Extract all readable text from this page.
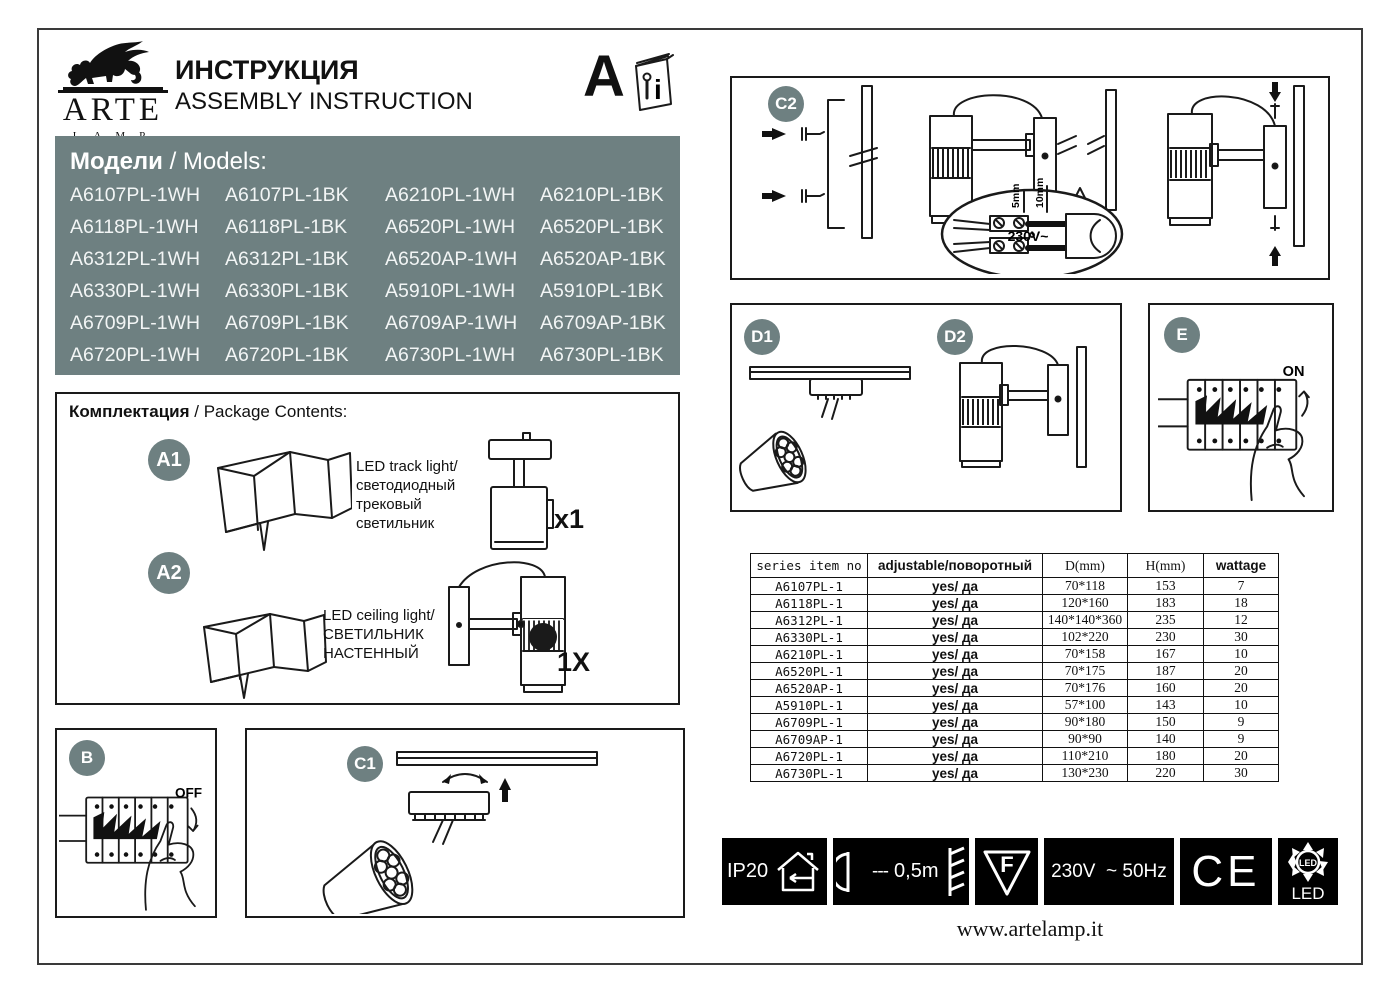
ARTE
ИНСТРУКЦИЯ
ASSEMBLY INSTRUCTION A i
Модели / Models:
A6107PL-1WH	A6107PL-1BK	A6210PL-1WH	A6210PL-1BK
A6118PL-1WH	A6118PL-1BK	A6520PL-1WH	A6520PL-1BK
A6312PL-1WH	A6312PL-1BK	A6520AP-1WH	A6520AP-1BK
A6330PL-1WH	A6330PL-1BK	A5910PL-1WH	A5910PL-1BK
A6709PL-1WH	A6709PL-1BK	A6709AP-1WH	A6709AP-1BK
A6720PL-1WH	A6720PL-1BK	A6730PL-1WH	A6730PL-1BK
Комплектация / Package Contents:
A1	LED track light/
светодиодный
трековый
светильник	x1
A2
LED ceiling light/
СВЕТИЛЬНИК
НАСТЕННЫЙ	1X
B
OFF
C1
C2
5mm 10mm
230V~
D1	D2	E
ON
series item no	adjustable/поворотный	D(mm)	H(mm)	wattage
A6107PL-1	yes/ да	70*118	153	7
A6118PL-1	yes/ да	120*160	183	18
A6312PL-1	yes/ да	140*140*360	235	12
A6330PL-1	yes/ да	102*220	230	30
A6210PL-1	yes/ да	70*158	167	10
A6520PL-1	yes/ да	70*175	187	20
A6520AP-1	yes/ да	70*176	160	20
A5910PL-1	yes/ да	57*100	143	10
A6709PL-1	yes/ да	90*180	150	9
A6709AP-1	yes/ да	90*90	140	9
A6720PL-1	yes/ да	110*210	180	20
A6730PL-1	yes/ да	130*230	220	30
IP20	--- 0,5m	F 230V  ~ 50Hz CE	LED
LED
www.artelamp.it
